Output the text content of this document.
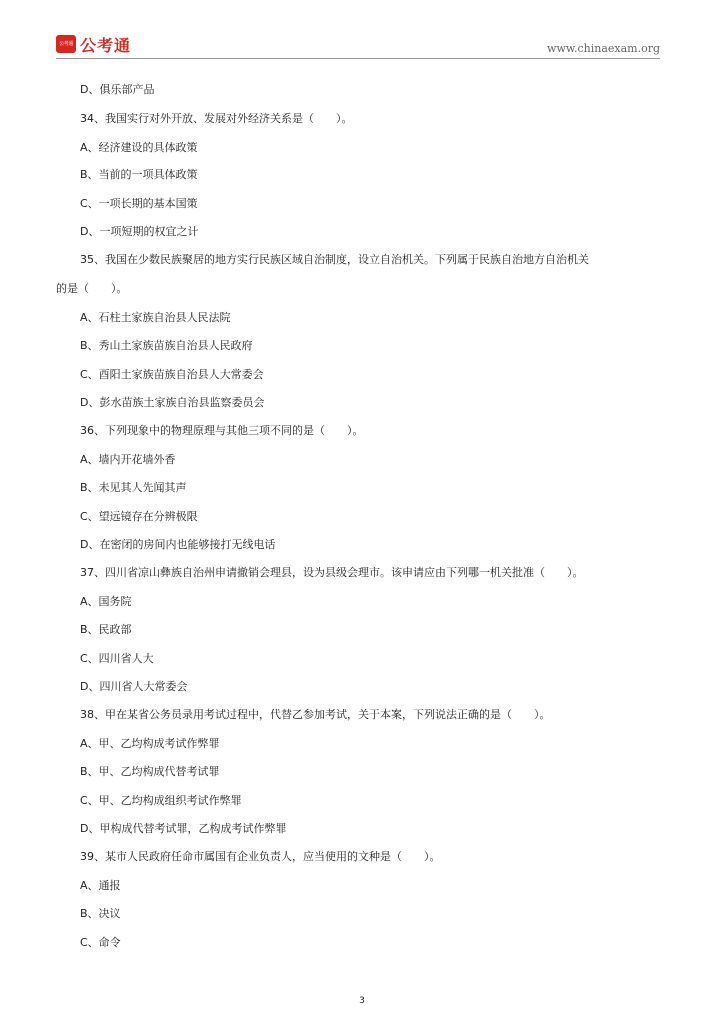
公考通 公考通	www.chinaexam.org
D、俱乐部产品
34、我国实行对外开放、发展对外经济关系是（　　）。
A、经济建设的具体政策
B、当前的一项具体政策
C、一项长期的基本国策
D、一项短期的权宜之计
35、我国在少数民族聚居的地方实行民族区域自治制度，设立自治机关。下列属于民族自治地方自治机关
的是（　　）。
A、石柱土家族自治县人民法院
B、秀山土家族苗族自治县人民政府
C、酉阳土家族苗族自治县人大常委会
D、彭水苗族土家族自治县监察委员会
36、下列现象中的物理原理与其他三项不同的是（　　）。
A、墙内开花墙外香
B、未见其人先闻其声
C、望远镜存在分辨极限
D、在密闭的房间内也能够接打无线电话
37、四川省凉山彝族自治州申请撤销会理县，设为县级会理市。该申请应由下列哪一机关批准（　　）。
A、国务院
B、民政部
C、四川省人大
D、四川省人大常委会
38、甲在某省公务员录用考试过程中，代替乙参加考试，关于本案，下列说法正确的是（　　）。
A、甲、乙均构成考试作弊罪
B、甲、乙均构成代替考试罪
C、甲、乙均构成组织考试作弊罪
D、甲构成代替考试罪，乙构成考试作弊罪
39、某市人民政府任命市属国有企业负责人，应当使用的文种是（　　）。
A、通报
B、决议
C、命令
3
